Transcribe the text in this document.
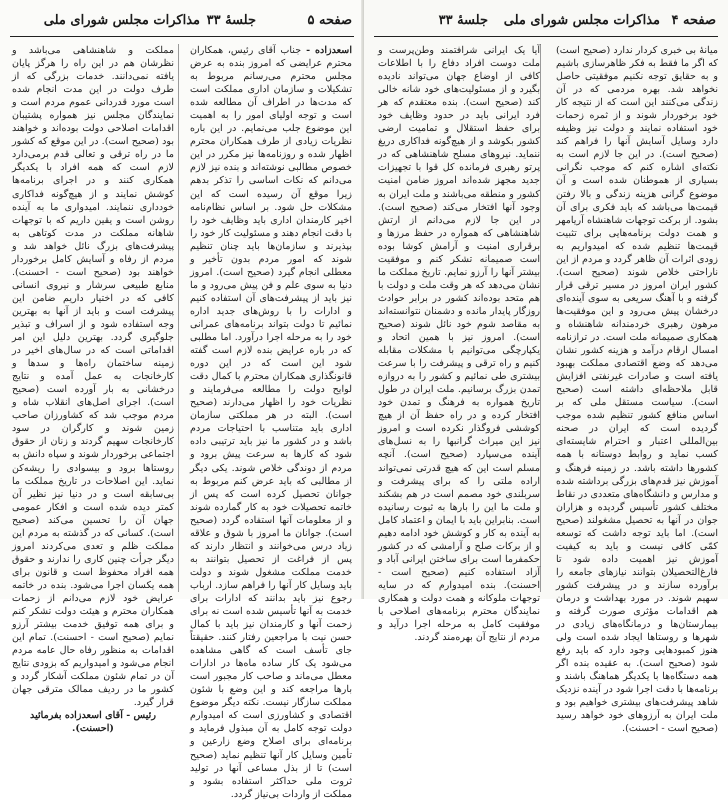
صفحه ۵
جلسهٔ ۳۳
مذاکرات مجلس شورای ملی

اسعدزاده - جناب آقای رئیس، همکاران محترم عرایضی که امروز بنده به عرض مجلس محترم می‌رسانم مربوط به تشکیلات و سازمان اداری مملکت است که مدت‌ها در اطراف آن مطالعه شده است و توجه اولیای امور را به اهمیت این موضوع جلب می‌نمایم. در این باره نظریات زیادی از طرف همکاران محترم اظهار شده و روزنامه‌ها نیز مکرر در این خصوص مطالبی نوشته‌اند و بنده نیز لازم می‌دانم که نکات اساسی را تذکر بدهم زیرا موقع آن رسیده است که این مشکلات حل شود. بر اساس نظام‌نامه اخیر کارمندان اداری باید وظایف خود را با دقت انجام دهند و مسئولیت کار خود را بپذیرند و سازمان‌ها باید چنان تنظیم شوند که امور مردم بدون تأخیر و معطلی انجام گیرد (صحیح است). امروز دنیا به سوی علم و فن پیش می‌رود و ما نیز باید از پیشرفت‌های آن استفاده کنیم و ادارات را با روش‌های جدید اداره نمائیم تا دولت بتواند برنامه‌های عمرانی خود را به مرحله اجرا درآورد. اما مطلبی که در باره عرایض بنده لازم است گفته شود این است که در این دوره قانونگذاری همکاران محترم با کمال دقت لوایح دولت را مطالعه می‌فرمایند و نظریات خود را اظهار می‌دارند (صحیح است). البته در هر مملکتی سازمان اداری باید متناسب با احتیاجات مردم باشد و در کشور ما نیز باید ترتیبی داده شود که کارها به سرعت پیش برود و مردم از دوندگی خلاص شوند. یکی دیگر از مطالبی که باید عرض کنم مربوط به جوانان تحصیل کرده است که پس از خاتمه تحصیلات خود به کار گمارده شوند و از معلومات آنها استفاده گردد (صحیح است). جوانان ما امروز با شوق و علاقه زیاد درس می‌خوانند و انتظار دارند که پس از فراغت از تحصیل بتوانند به خدمت مملکت مشغول شوند و دولت باید وسایل کار آنها را فراهم سازد. ارباب رجوع نیز باید بدانند که ادارات برای خدمت به آنها تأسیس شده است نه برای زحمت آنها و کارمندان نیز باید با کمال حسن نیت با مراجعین رفتار کنند. حقیقتاً جای تأسف است که گاهی مشاهده می‌شود یک کار ساده ماه‌ها در ادارات معطل می‌ماند و صاحب کار مجبور است بارها مراجعه کند و این وضع با شئون مملکت سازگار نیست. نکته دیگر موضوع اقتصادی و کشاورزی است که امیدوارم دولت توجه کامل به آن مبذول فرماید و برنامه‌ای برای اصلاح وضع زارعین و تأمین وسایل کار آنها تنظیم نماید (صحیح است) تا از بذل مساعی آنها در تولید ثروت ملی حداکثر استفاده بشود و مملکت از واردات بی‌نیاز گردد.

مملکت و شاهنشاهی می‌باشد و نظرشان هم در این راه را هرگز پایان یافته نمی‌دانند. خدمات بزرگی که از طرف دولت در این مدت انجام شده است مورد قدردانی عموم مردم است و نمایندگان مجلس نیز همواره پشتیبان اقدامات اصلاحی دولت بوده‌اند و خواهند بود (صحیح است). در این موقع که کشور ما در راه ترقی و تعالی قدم برمی‌دارد لازم است که همه افراد با یکدیگر همکاری کنند و در اجرای برنامه‌ها کوشش نمایند و از هیچ‌گونه فداکاری خودداری ننمایند. امیدواری ما به آینده روشن است و یقین داریم که با توجهات شاهانه مملکت در مدت کوتاهی به پیشرفت‌های بزرگ نائل خواهد شد و مردم از رفاه و آسایش کامل برخوردار خواهند بود (صحیح است - احسنت). منابع طبیعی سرشار و نیروی انسانی کافی که در اختیار داریم ضامن این پیشرفت است و باید از آنها به بهترین وجه استفاده شود و از اسراف و تبذیر جلوگیری گردد. بهترین دلیل این امر اقداماتی است که در سال‌های اخیر در زمینه ساختمان راه‌ها و سدها و کارخانجات به عمل آمده و نتایج درخشانی به بار آورده است (صحیح است). اجرای اصل‌های انقلاب شاه و مردم موجب شد که کشاورزان صاحب زمین شوند و کارگران در سود کارخانجات سهیم گردند و زنان از حقوق اجتماعی برخوردار شوند و سپاه دانش به روستاها برود و بیسوادی را ریشه‌کن نماید. این اصلاحات در تاریخ مملکت ما بی‌سابقه است و در دنیا نیز نظیر آن کمتر دیده شده است و افکار عمومی جهان آن را تحسین می‌کند (صحیح است). کسانی که در گذشته به مردم این مملکت ظلم و تعدی می‌کردند امروز دیگر جرأت چنین کاری را ندارند و حقوق همه افراد محفوظ است و قانون برای همه یکسان اجرا می‌شود. بنده در خاتمه عرایض خود لازم می‌دانم از زحمات همکاران محترم و هیئت دولت تشکر کنم و برای همه توفیق خدمت بیشتر آرزو نمایم (صحیح است - احسنت). تمام این اقدامات به منظور رفاه حال عامه مردم انجام می‌شود و امیدواریم که بزودی نتایج آن در تمام شئون مملکت آشکار گردد و کشور ما در ردیف ممالک مترقی جهان قرار گیرد.

رئیس - آقای اسعدزاده بفرمائید (احسنت).

صفحه ۴
مذاکرات مجلس شورای ملی
جلسهٔ ۳۳

میانهٔ بی خبری کردار ندارد (صحیح است) که اگر ما فقط به فکر ظاهرسازی باشیم و به حقایق توجه نکنیم موفقیتی حاصل نخواهد شد. بهره مردمی که در آن زندگی می‌کنند این است که از نتیجه کار خود برخوردار شوند و از ثمره زحمات خود استفاده نمایند و دولت نیز وظیفه دارد وسایل آسایش آنها را فراهم کند (صحیح است). در این جا لازم است به نکته‌ای اشاره کنم که موجب نگرانی بسیاری از هموطنان شده است و آن موضوع گرانی هزینه زندگی و بالا رفتن قیمت‌ها می‌باشد که باید فکری برای آن بشود. از برکت توجهات شاهنشاه آریامهر و همت دولت برنامه‌هایی برای تثبیت قیمت‌ها تنظیم شده که امیدواریم به زودی اثرات آن ظاهر گردد و مردم از این ناراحتی خلاص شوند (صحیح است). کشور ایران امروز در مسیر ترقی قرار گرفته و با آهنگ سریعی به سوی آینده‌ای درخشان پیش می‌رود و این موفقیت‌ها مرهون رهبری خردمندانه شاهنشاه و همکاری صمیمانه ملت است. در ترازنامه امسال ارقام درآمد و هزینه کشور نشان می‌دهد که وضع اقتصادی مملکت بهبود یافته است و صادرات غیرنفتی افزایش قابل ملاحظه‌ای داشته است (صحیح است). سیاست مستقل ملی که بر اساس منافع کشور تنظیم شده موجب گردیده است که ایران در صحنه بین‌المللی اعتبار و احترام شایسته‌ای کسب نماید و روابط دوستانه با همه کشورها داشته باشد. در زمینه فرهنگ و آموزش نیز قدم‌های بزرگی برداشته شده و مدارس و دانشگاه‌های متعددی در نقاط مختلف کشور تأسیس گردیده و هزاران جوان در آنها به تحصیل مشغولند (صحیح است). اما باید توجه داشت که توسعه کمّی کافی نیست و باید به کیفیت آموزش نیز اهمیت داده شود تا فارغ‌التحصیلان بتوانند نیازهای جامعه را برآورده سازند و در پیشرفت کشور سهیم شوند. در مورد بهداشت و درمان هم اقدامات مؤثری صورت گرفته و بیمارستان‌ها و درمانگاه‌های زیادی در شهرها و روستاها ایجاد شده است ولی هنوز کمبودهایی وجود دارد که باید رفع شود (صحیح است). به عقیده بنده اگر همه دستگاه‌ها با یکدیگر هماهنگ باشند و برنامه‌ها با دقت اجرا شود در آینده نزدیک شاهد پیشرفت‌های بیشتری خواهیم بود و ملت ایران به آرزوهای خود خواهد رسید (صحیح است - احسنت).

آیا یک ایرانی شرافتمند وطن‌پرست و ملت دوست افراد دفاع را با اطلاعات کافی از اوضاع جهان می‌تواند نادیده بگیرد و از مسئولیت‌های خود شانه خالی کند (صحیح است). بنده معتقدم که هر فرد ایرانی باید در حدود وظایف خود برای حفظ استقلال و تمامیت ارضی کشور بکوشد و از هیچ‌گونه فداکاری دریغ ننماید. نیروهای مسلح شاهنشاهی که در پرتو رهبری فرمانده کل قوا با تجهیزات جدید مجهز شده‌اند امروز ضامن امنیت کشور و منطقه می‌باشند و ملت ایران به وجود آنها افتخار می‌کند (صحیح است). در این جا لازم می‌دانم از ارتش شاهنشاهی که همواره در حفظ مرزها و برقراری امنیت و آرامش کوشا بوده است صمیمانه تشکر کنم و موفقیت بیشتر آنها را آرزو نمایم. تاریخ مملکت ما نشان می‌دهد که هر وقت ملت و دولت با هم متحد بوده‌اند کشور در برابر حوادث روزگار پایدار مانده و دشمنان نتوانسته‌اند به مقاصد شوم خود نائل شوند (صحیح است). امروز نیز با همین اتحاد و یکپارچگی می‌توانیم با مشکلات مقابله کنیم و راه ترقی و پیشرفت را با سرعت بیشتری طی نمائیم و کشور را به دروازه تمدن بزرگ برسانیم. ملت ایران در طول تاریخ همواره به فرهنگ و تمدن خود افتخار کرده و در راه حفظ آن از هیچ کوششی فروگذار نکرده است و امروز نیز این میراث گرانبها را به نسل‌های آینده می‌سپارد (صحیح است). آنچه مسلم است این که هیچ قدرتی نمی‌تواند اراده ملتی را که برای پیشرفت و سربلندی خود مصمم است در هم بشکند و ملت ما این را بارها به ثبوت رسانیده است. بنابراین باید با ایمان و اعتماد کامل به آینده به کار و کوشش خود ادامه دهیم و از برکات صلح و آرامشی که در کشور حکمفرما است برای ساختن ایرانی آباد و آزاد استفاده کنیم (صحیح است - احسنت). بنده امیدوارم که در سایه توجهات ملوکانه و همت دولت و همکاری نمایندگان محترم برنامه‌های اصلاحی با موفقیت کامل به مرحله اجرا درآید و مردم از نتایج آن بهره‌مند گردند.
